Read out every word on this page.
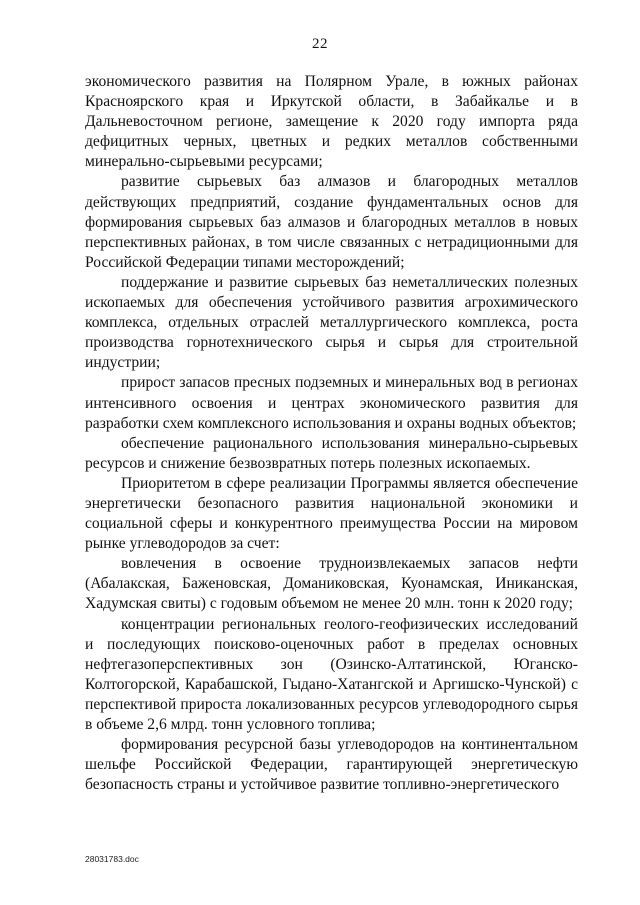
22

экономического развития на Полярном Урале, в южных районах Красноярского края и Иркутской области, в Забайкалье и в Дальневосточном регионе, замещение к 2020 году импорта ряда дефицитных черных, цветных и редких металлов собственными минерально-сырьевыми ресурсами;

развитие сырьевых баз алмазов и благородных металлов действующих предприятий, создание фундаментальных основ для формирования сырьевых баз алмазов и благородных металлов в новых перспективных районах, в том числе связанных с нетрадиционными для Российской Федерации типами месторождений;

поддержание и развитие сырьевых баз неметаллических полезных ископаемых для обеспечения устойчивого развития агрохимического комплекса, отдельных отраслей металлургического комплекса, роста производства горнотехнического сырья и сырья для строительной индустрии;

прирост запасов пресных подземных и минеральных вод в регионах интенсивного освоения и центрах экономического развития для разработки схем комплексного использования и охраны водных объектов;

обеспечение рационального использования минерально-сырьевых ресурсов и снижение безвозвратных потерь полезных ископаемых.

Приоритетом в сфере реализации Программы является обеспечение энергетически безопасного развития национальной экономики и социальной сферы и конкурентного преимущества России на мировом рынке углеводородов за счет:

вовлечения в освоение трудноизвлекаемых запасов нефти (Абалакская, Баженовская, Доманиковская, Куонамская, Иниканская, Хадумская свиты) с годовым объемом не менее 20 млн. тонн к 2020 году;

концентрации региональных геолого-геофизических исследований и последующих поисково-оценочных работ в пределах основных нефтегазоперспективных зон (Озинско-Алтатинской, Юганско-Колтогорской, Карабашской, Гыдано-Хатангской и Аргишско-Чунской) с перспективой прироста локализованных ресурсов углеводородного сырья в объеме 2,6 млрд. тонн условного топлива;

формирования ресурсной базы углеводородов на континентальном шельфе Российской Федерации, гарантирующей энергетическую безопасность страны и устойчивое развитие топливно-энергетического

28031783.doc
